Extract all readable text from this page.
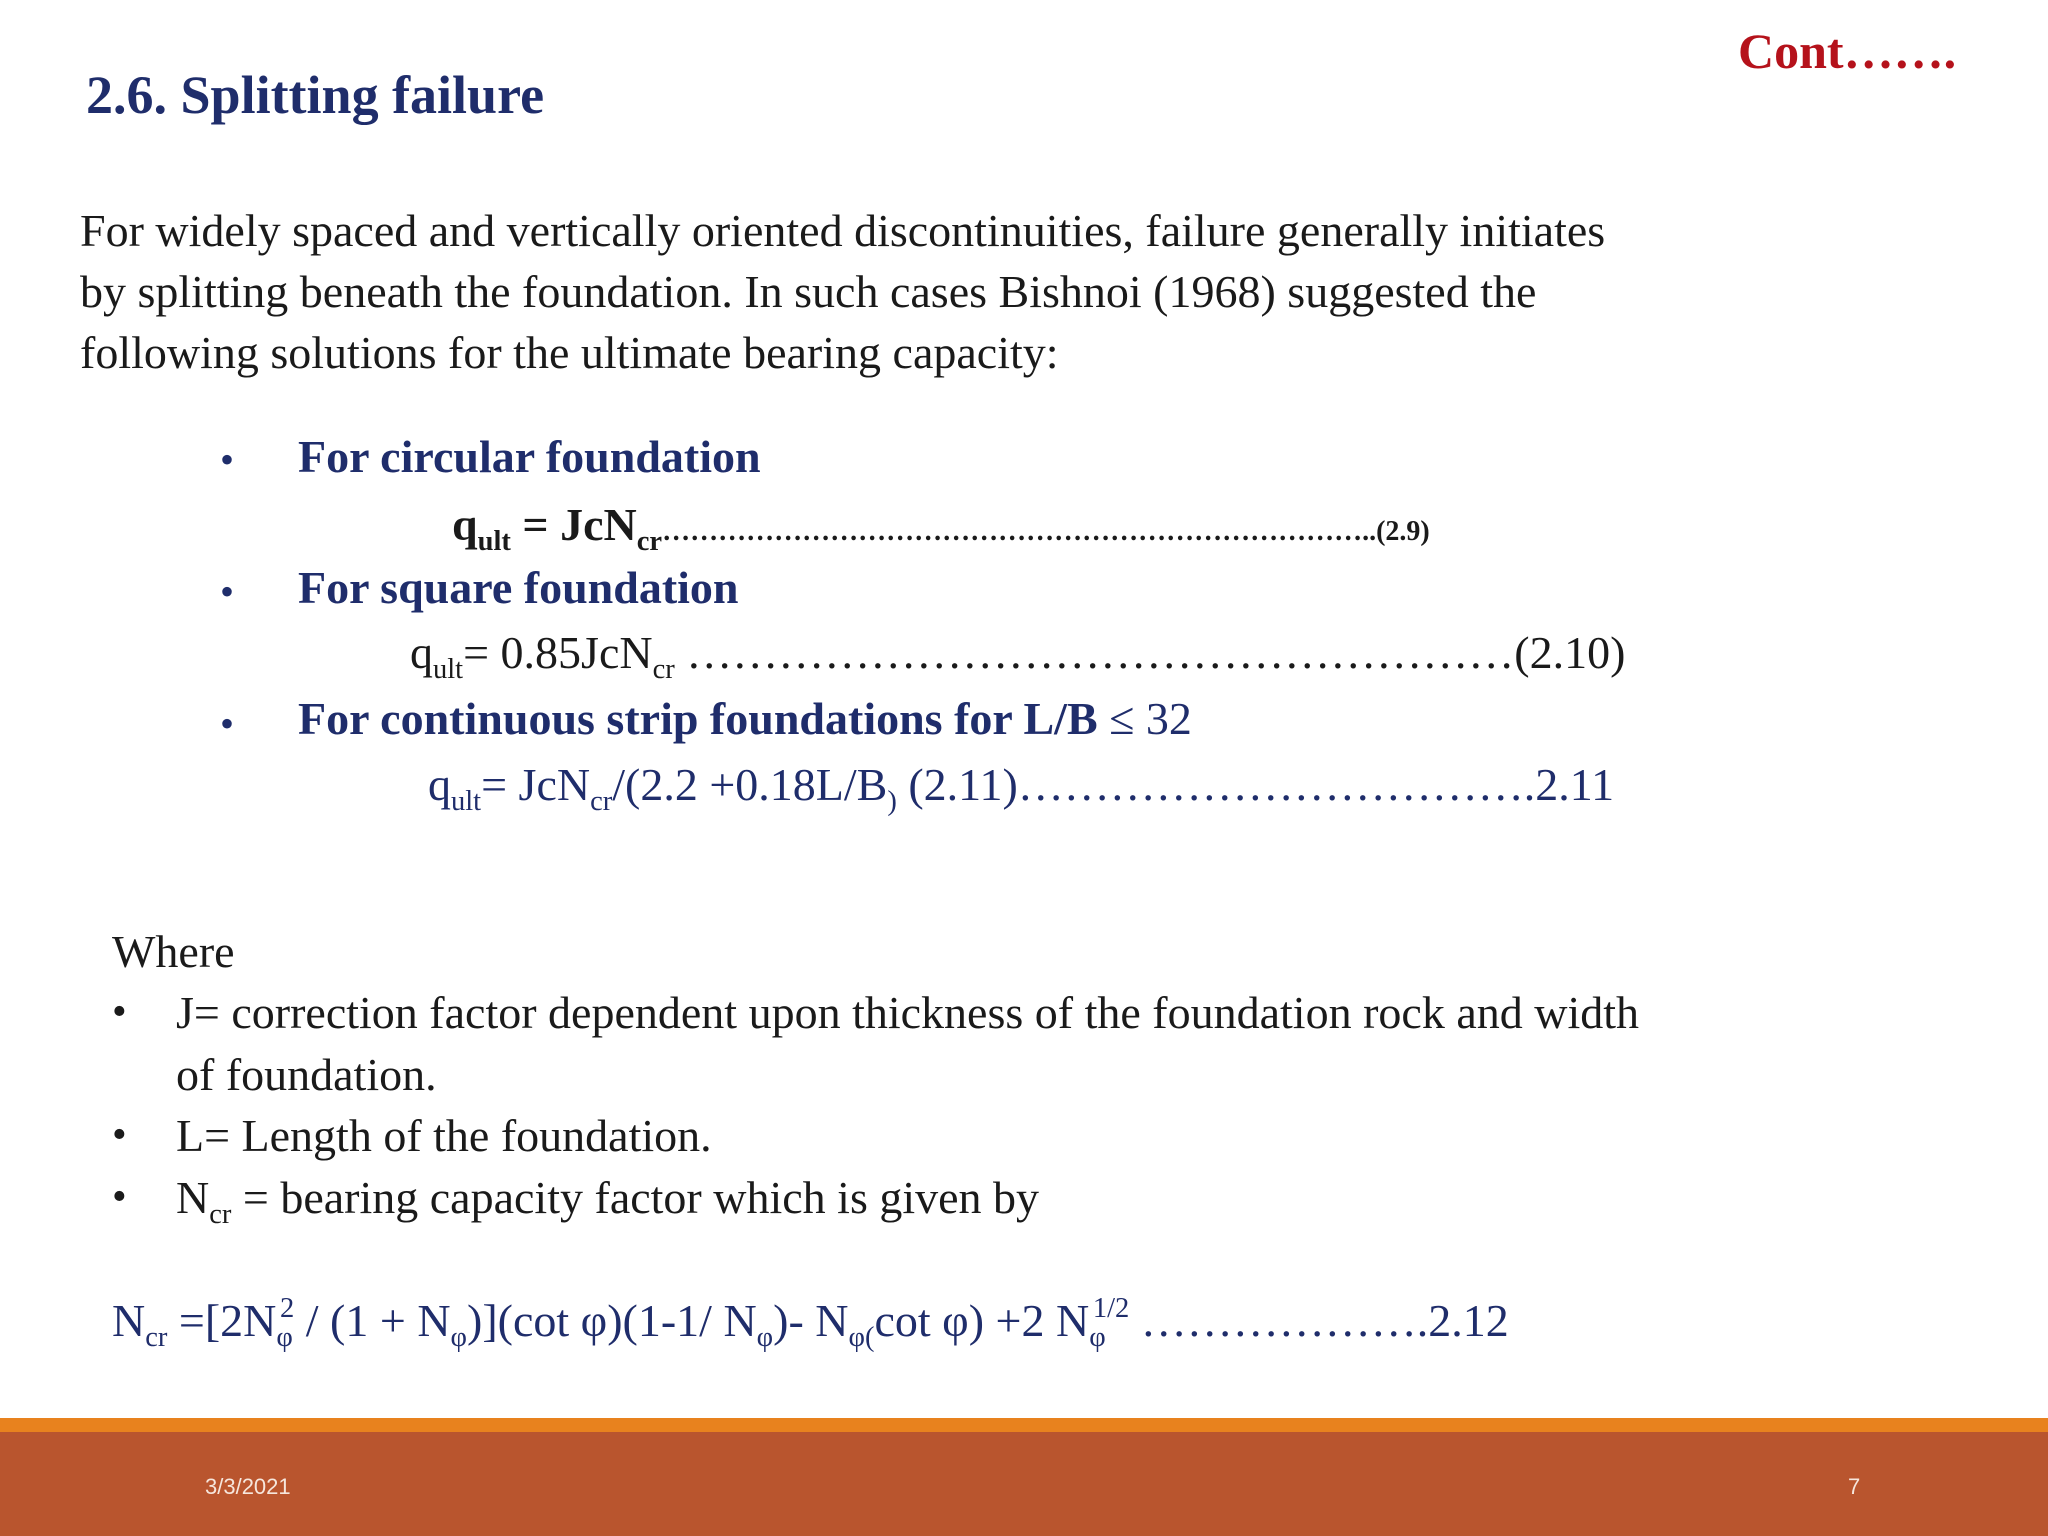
2.6. Splitting failure
Cont…….
For widely spaced and vertically oriented discontinuities, failure generally initiates
by splitting beneath the foundation. In such cases Bishnoi (1968) suggested the
following solutions for the ultimate bearing capacity:
• For circular foundation
$q_{ult}$ = JcN$_{cr}$…………………………………………………………………..(2.9)
• For square foundation
$q_{ult}= 0.85JcN_{cr}$ ………………………………………………(2.10)
• For continuous strip foundations for L/B ≤ 32
$q_{ult}= JcN_{cr}/(2.2 +0.18L/B_)$ (2.11)…………………………….2.11
Where
• J= correction factor dependent upon thickness of the foundation rock and width
of foundation.
• L= Length of the foundation.
• $N_{cr}$ = bearing capacity factor which is given by
$N_{cr} =[2N_\varphi^2 / (1 + N_\varphi)](\cot$ φ)(1-1/ $N_\varphi)-$ $N_{\varphi(}\cot$ φ) +2 $N_\varphi^{1/2}$ ……………….2.12
3/3/2021	7
